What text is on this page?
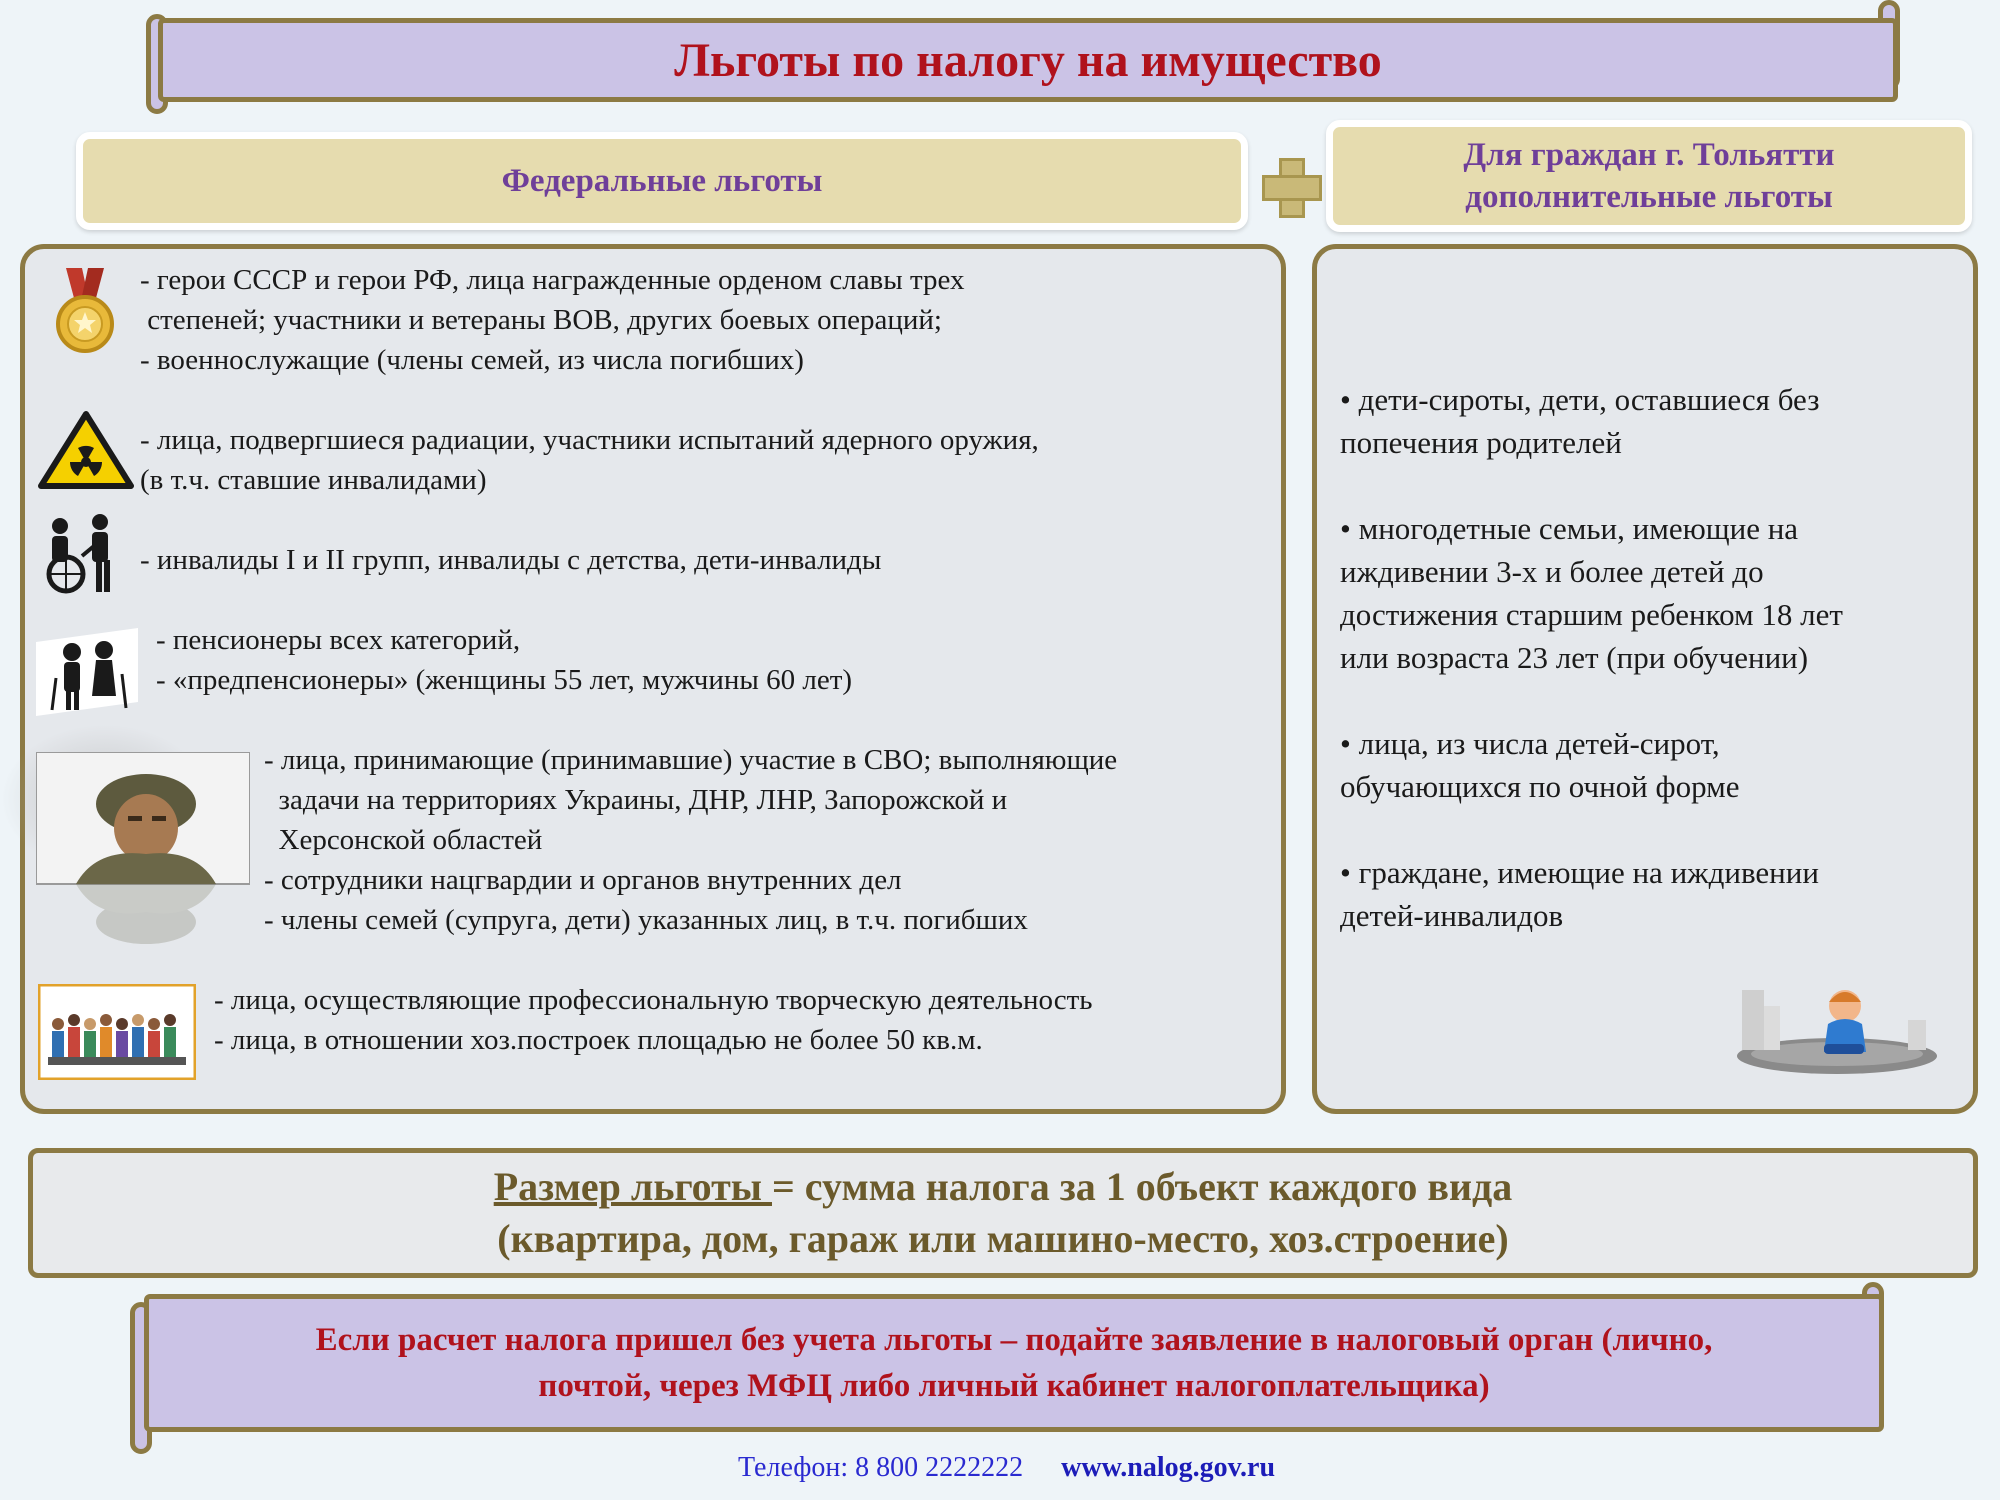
Льготы по налогу на имущество
Федеральные льготы
Для граждан г. Тольятти
дополнительные льготы
- герои СССР и герои РФ, лица награжденные орденом славы трех
степеней; участники и ветераны ВОВ, других боевых операций;
- военнослужащие (члены семей, из числа погибших)
- лица, подвергшиеся радиации, участники испытаний ядерного оружия,
(в т.ч. ставшие инвалидами)
- инвалиды I и II групп, инвалиды с детства, дети-инвалиды
- пенсионеры всех категорий,
- «предпенсионеры» (женщины 55 лет, мужчины 60 лет)
- лица, принимающие (принимавшие) участие в СВО; выполняющие
задачи на территориях Украины, ДНР, ЛНР, Запорожской и
Херсонской областей
- сотрудники нацгвардии и органов внутренних дел
- члены семей (супруга, дети) указанных лиц, в т.ч. погибших
- лица, осуществляющие профессиональную творческую деятельность
- лица, в отношении хоз.построек площадью не более 50 кв.м.
• дети-сироты, дети, оставшиеся без
попечения родителей
• многодетные семьи, имеющие на
иждивении 3-х и более детей до
достижения старшим ребенком 18 лет
или возраста 23 лет (при обучении)
• лица, из числа детей-сирот,
обучающихся по очной форме
• граждане, имеющие на иждивении
детей-инвалидов
Размер льготы = сумма налога за 1 объект каждого вида
(квартира, дом, гараж или машино-место, хоз.строение)
Если расчет налога пришел без учета льготы – подайте заявление в налоговый орган (лично,
почтой, через МФЦ либо личный кабинет налогоплательщика)
Телефон: 8 800 2222222 www.nalog.gov.ru
